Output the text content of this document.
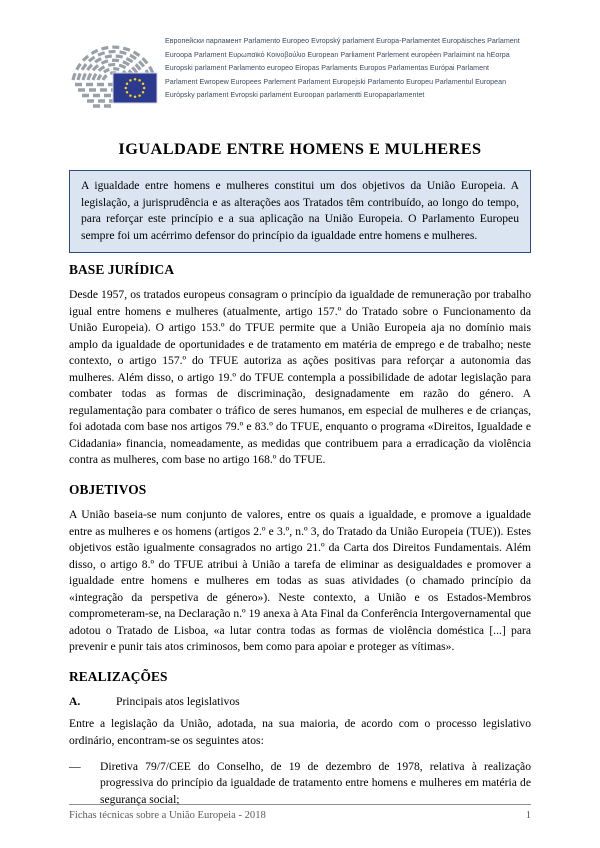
Европейски парламент Parlamento Europeo Evropský parlament Europa-Parlamentet Europäisches Parlament
Euroopa Parlament Ευρωπαϊκό Κοινοβούλιο European Parliament Parlement européen Parlaimint na hEorpa
Europski parlament Parlamento europeo Eiropas Parlaments Europos Parlamentas Európai Parlament
Parlament Ewropew Europees Parlement Parlament Europejski Parlamento Europeu Parlamentul European
Európsky parlament Evropski parlament Euroopan parlamentti Europaparlamentet
IGUALDADE ENTRE HOMENS E MULHERES

A igualdade entre homens e mulheres constitui um dos objetivos da União Europeia. A legislação, a jurisprudência e as alterações aos Tratados têm contribuído, ao longo do tempo, para reforçar este princípio e a sua aplicação na União Europeia. O Parlamento Europeu sempre foi um acérrimo defensor do princípio da igualdade entre homens e mulheres.

BASE JURÍDICA

Desde 1957, os tratados europeus consagram o princípio da igualdade de remuneração por trabalho igual entre homens e mulheres (atualmente, artigo 157.º do Tratado sobre o Funcionamento da União Europeia). O artigo 153.º do TFUE permite que a União Europeia aja no domínio mais amplo da igualdade de oportunidades e de tratamento em matéria de emprego e de trabalho; neste contexto, o artigo 157.º do TFUE autoriza as ações positivas para reforçar a autonomia das mulheres. Além disso, o artigo 19.º do TFUE contempla a possibilidade de adotar legislação para combater todas as formas de discriminação, designadamente em razão do género. A regulamentação para combater o tráfico de seres humanos, em especial de mulheres e de crianças, foi adotada com base nos artigos 79.º e 83.º do TFUE, enquanto o programa «Direitos, Igualdade e Cidadania» financia, nomeadamente, as medidas que contribuem para a erradicação da violência contra as mulheres, com base no artigo 168.º do TFUE.

OBJETIVOS

A União baseia-se num conjunto de valores, entre os quais a igualdade, e promove a igualdade entre as mulheres e os homens (artigos 2.º e 3.º, n.º 3, do Tratado da União Europeia (TUE)). Estes objetivos estão igualmente consagrados no artigo 21.º da Carta dos Direitos Fundamentais. Além disso, o artigo 8.º do TFUE atribui à União a tarefa de eliminar as desigualdades e promover a igualdade entre homens e mulheres em todas as suas atividades (o chamado princípio da «integração da perspetiva de género»). Neste contexto, a União e os Estados-Membros comprometeram-se, na Declaração n.º 19 anexa à Ata Final da Conferência Intergovernamental que adotou o Tratado de Lisboa, «a lutar contra todas as formas de violência doméstica [...] para prevenir e punir tais atos criminosos, bem como para apoiar e proteger as vítimas».

REALIZAÇÕES
A.	Principais atos legislativos

Entre a legislação da União, adotada, na sua maioria, de acordo com o processo legislativo ordinário, encontram-se os seguintes atos:

—	Diretiva 79/7/CEE do Conselho, de 19 de dezembro de 1978, relativa à realização progressiva do princípio da igualdade de tratamento entre homens e mulheres em matéria de segurança social;
Fichas técnicas sobre a União Europeia - 2018	1
